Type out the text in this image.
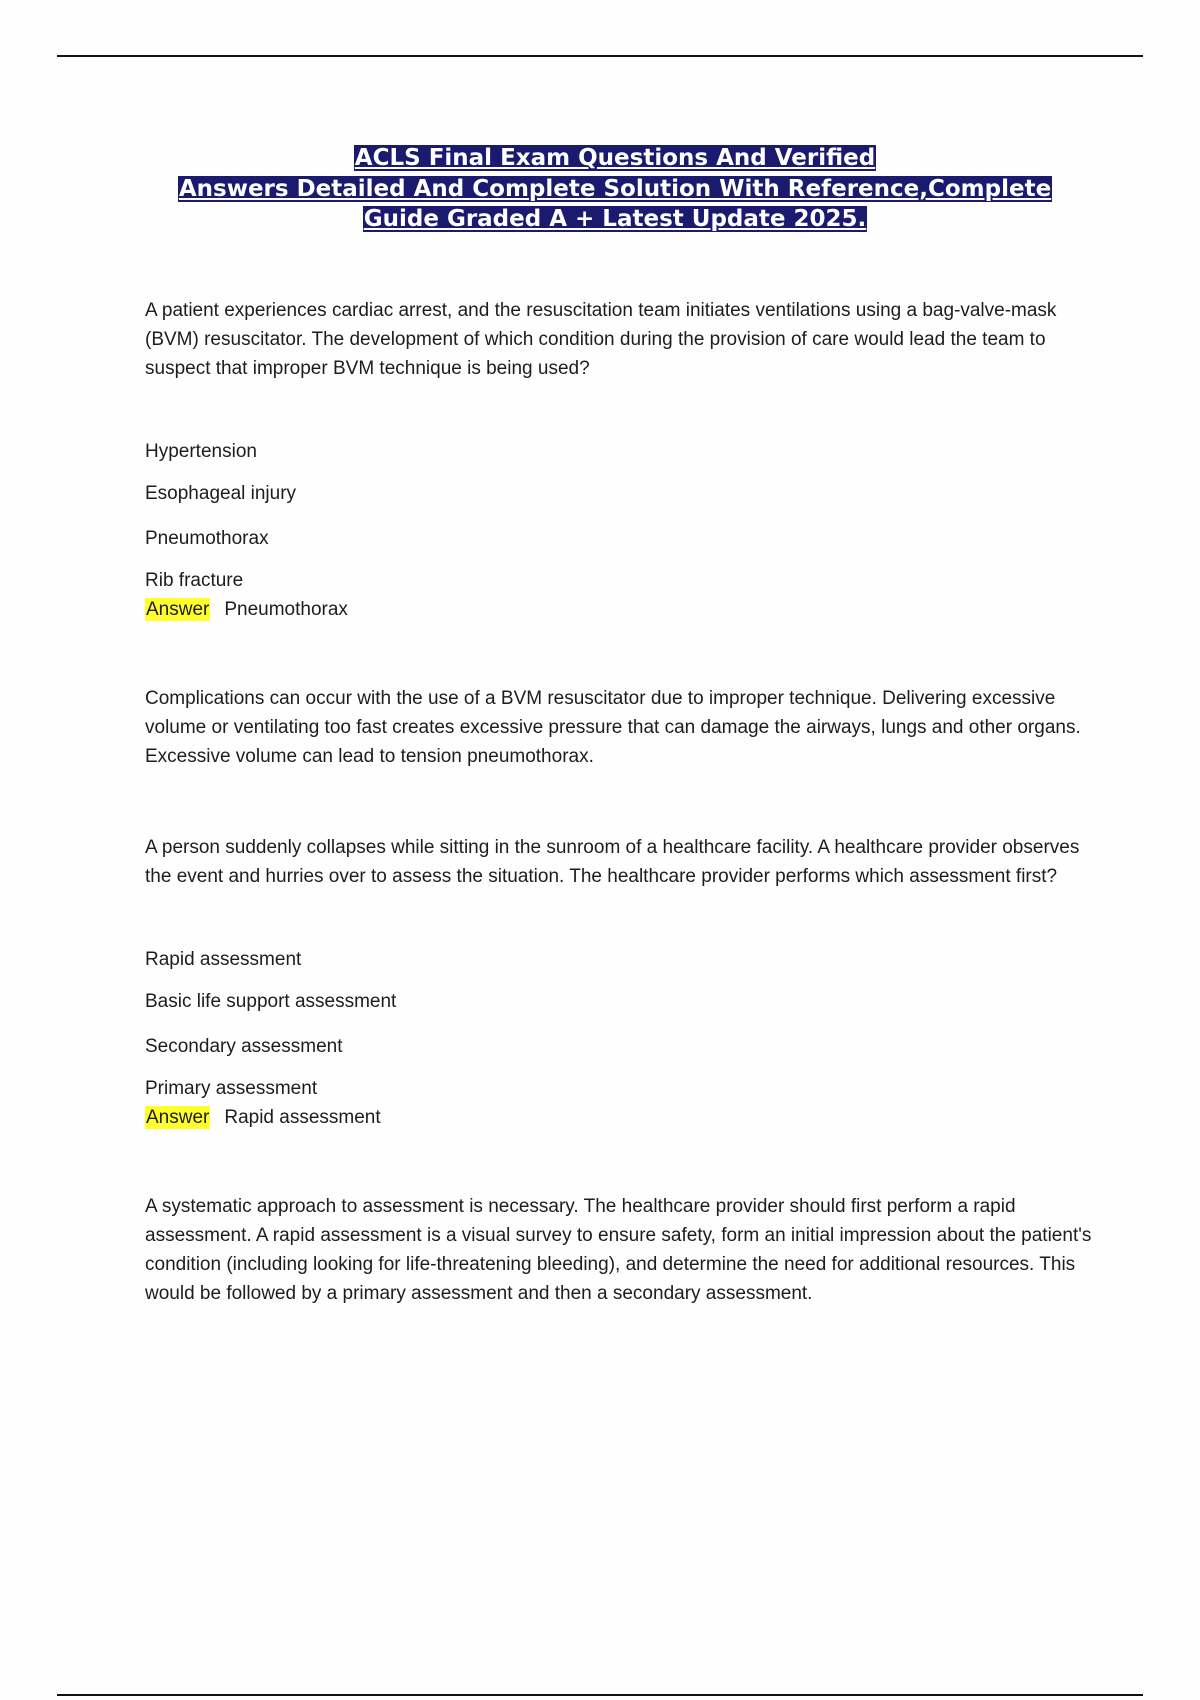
ACLS Final Exam Questions And Verified
Answers Detailed And Complete Solution With Reference,Complete
Guide Graded A + Latest Update 2025.

A patient experiences cardiac arrest, and the resuscitation team initiates ventilations using a bag-valve-mask (BVM) resuscitator. The development of which condition during the provision of care would lead the team to suspect that improper BVM technique is being used?

Hypertension

Esophageal injury

Pneumothorax

Rib fracture

Answer Pneumothorax

Complications can occur with the use of a BVM resuscitator due to improper technique. Delivering excessive volume or ventilating too fast creates excessive pressure that can damage the airways, lungs and other organs. Excessive volume can lead to tension pneumothorax.

A person suddenly collapses while sitting in the sunroom of a healthcare facility. A healthcare provider observes the event and hurries over to assess the situation. The healthcare provider performs which assessment first?

Rapid assessment

Basic life support assessment

Secondary assessment

Primary assessment

Answer Rapid assessment

A systematic approach to assessment is necessary. The healthcare provider should first perform a rapid assessment. A rapid assessment is a visual survey to ensure safety, form an initial impression about the patient's condition (including looking for life-threatening bleeding), and determine the need for additional resources. This would be followed by a primary assessment and then a secondary assessment.
